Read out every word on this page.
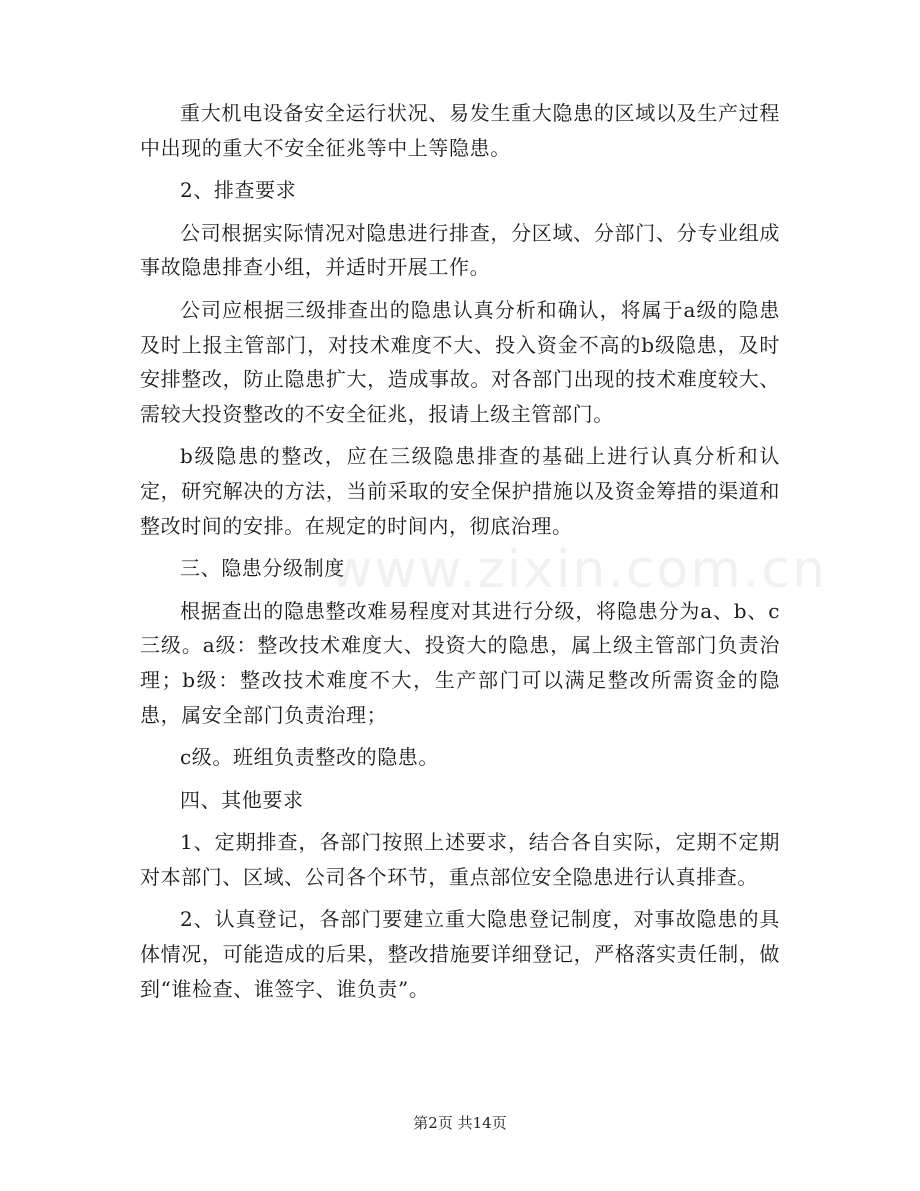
重大机电设备安全运行状况、易发生重大隐患的区域以及生产过程中出现的重大不安全征兆等中上等隐患。

2、排查要求

公司根据实际情况对隐患进行排查，分区域、分部门、分专业组成事故隐患排查小组，并适时开展工作。

公司应根据三级排查出的隐患认真分析和确认，将属于a级的隐患及时上报主管部门，对技术难度不大、投入资金不高的b级隐患，及时安排整改，防止隐患扩大，造成事故。对各部门出现的技术难度较大、需较大投资整改的不安全征兆，报请上级主管部门。

b级隐患的整改，应在三级隐患排查的基础上进行认真分析和认定，研究解决的方法，当前采取的安全保护措施以及资金筹措的渠道和整改时间的安排。在规定的时间内，彻底治理。

三、隐患分级制度

根据查出的隐患整改难易程度对其进行分级，将隐患分为a、b、c三级。a级：整改技术难度大、投资大的隐患，属上级主管部门负责治理；b级：整改技术难度不大，生产部门可以满足整改所需资金的隐患，属安全部门负责治理；

c级。班组负责整改的隐患。

四、其他要求

1、定期排查，各部门按照上述要求，结合各自实际，定期不定期对本部门、区域、公司各个环节，重点部位安全隐患进行认真排查。

2、认真登记，各部门要建立重大隐患登记制度，对事故隐患的具体情况，可能造成的后果，整改措施要详细登记，严格落实责任制，做到“谁检查、谁签字、谁负责”。

www.zixin.com.cn
第2页 共14页
